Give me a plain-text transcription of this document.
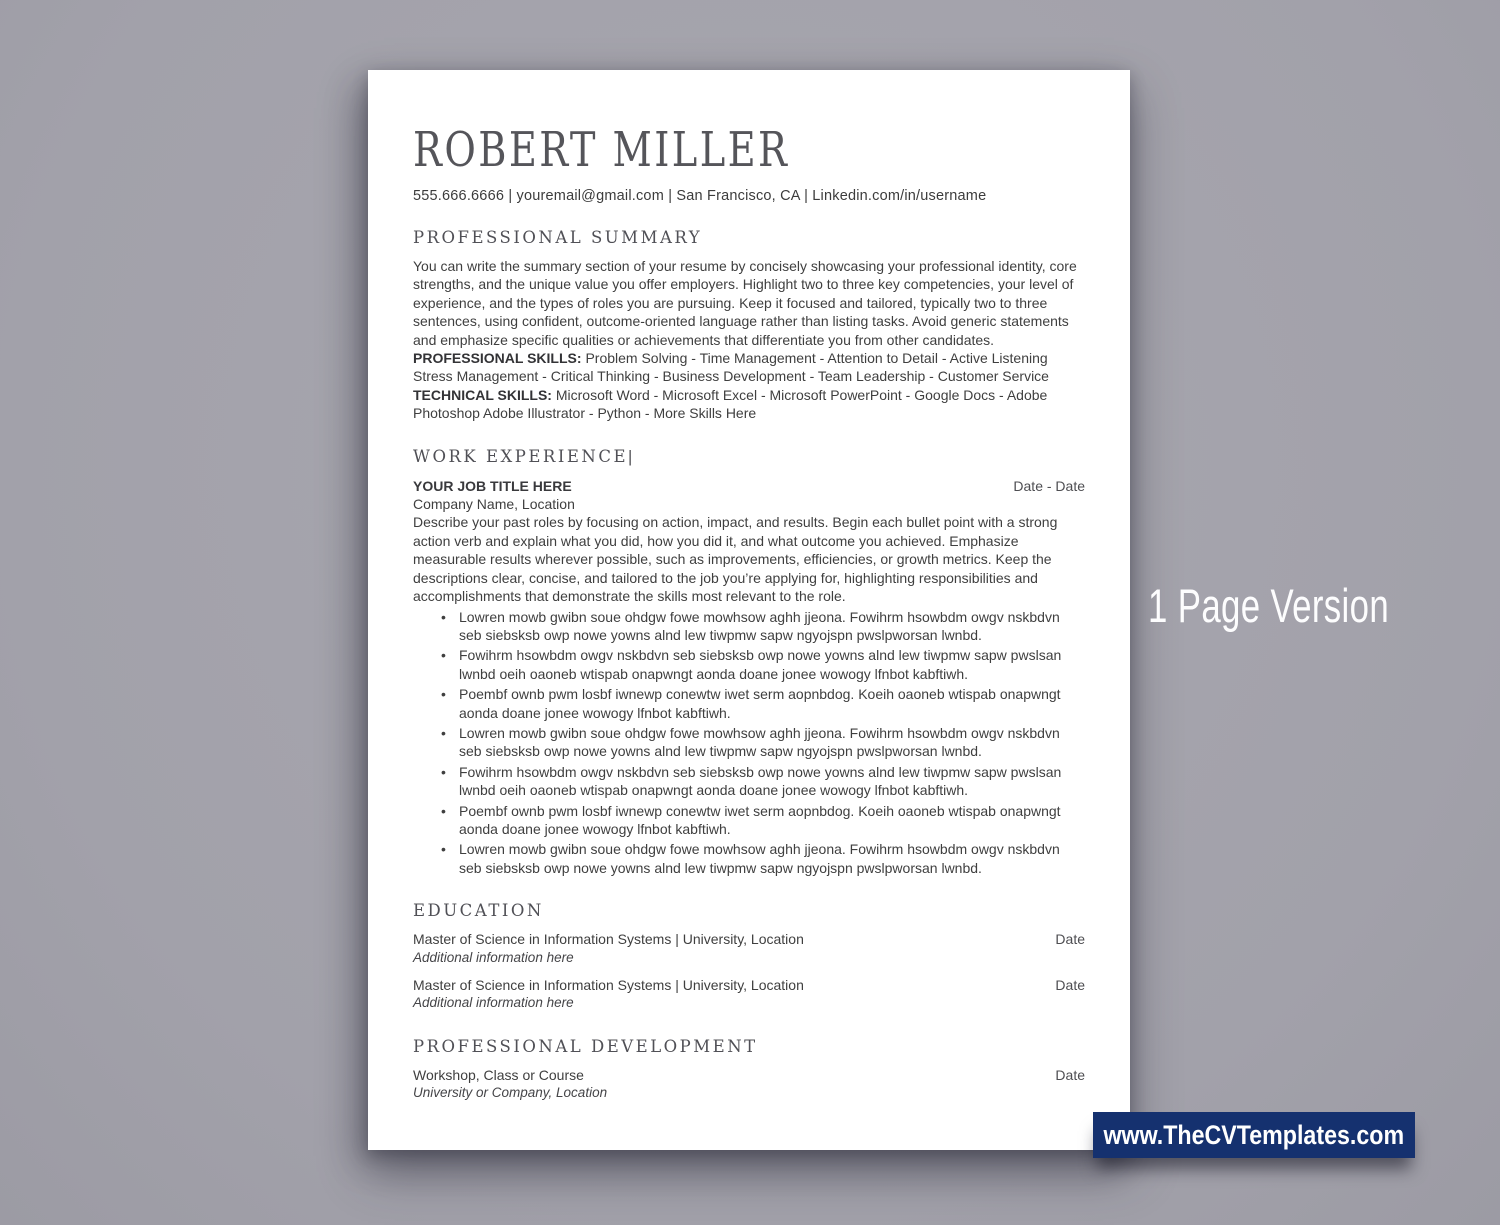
ROBERT MILLER
555.666.6666 | youremail@gmail.com | San Francisco, CA | Linkedin.com/in/username
PROFESSIONAL SUMMARY

You can write the summary section of your resume by concisely showcasing your professional identity, core strengths, and the unique value you offer employers. Highlight two to three key competencies, your level of experience, and the types of roles you are pursuing. Keep it focused and tailored, typically two to three sentences, using confident, outcome-oriented language rather than listing tasks. Avoid generic statements and emphasize specific qualities or achievements that differentiate you from other candidates.

PROFESSIONAL SKILLS: Problem Solving - Time Management - Attention to Detail - Active Listening Stress Management - Critical Thinking - Business Development - Team Leadership - Customer Service TECHNICAL SKILLS: Microsoft Word - Microsoft Excel - Microsoft PowerPoint - Google Docs - Adobe Photoshop Adobe Illustrator - Python - More Skills Here

WORK EXPERIENCE|
YOUR JOB TITLE HERE	Date - Date
Company Name, Location

Describe your past roles by focusing on action, impact, and results. Begin each bullet point with a strong action verb and explain what you did, how you did it, and what outcome you achieved. Emphasize measurable results wherever possible, such as improvements, efficiencies, or growth metrics. Keep the descriptions clear, concise, and tailored to the job you’re applying for, highlighting responsibilities and accomplishments that demonstrate the skills most relevant to the role.

• Lowren mowb gwibn soue ohdgw fowe mowhsow aghh jjeona. Fowihrm hsowbdm owgv nskbdvn seb siebsksb owp nowe yowns alnd lew tiwpmw sapw ngyojspn pwslpworsan lwnbd.
• Fowihrm hsowbdm owgv nskbdvn seb siebsksb owp nowe yowns alnd lew tiwpmw sapw pwslsan lwnbd oeih oaoneb wtispab onapwngt aonda doane jonee wowogy lfnbot kabftiwh.
• Poembf ownb pwm losbf iwnewp conewtw iwet serm aopnbdog. Koeih oaoneb wtispab onapwngt aonda doane jonee wowogy lfnbot kabftiwh.
• Lowren mowb gwibn soue ohdgw fowe mowhsow aghh jjeona. Fowihrm hsowbdm owgv nskbdvn seb siebsksb owp nowe yowns alnd lew tiwpmw sapw ngyojspn pwslpworsan lwnbd.
• Fowihrm hsowbdm owgv nskbdvn seb siebsksb owp nowe yowns alnd lew tiwpmw sapw pwslsan lwnbd oeih oaoneb wtispab onapwngt aonda doane jonee wowogy lfnbot kabftiwh.
• Poembf ownb pwm losbf iwnewp conewtw iwet serm aopnbdog. Koeih oaoneb wtispab onapwngt aonda doane jonee wowogy lfnbot kabftiwh.
• Lowren mowb gwibn soue ohdgw fowe mowhsow aghh jjeona. Fowihrm hsowbdm owgv nskbdvn seb siebsksb owp nowe yowns alnd lew tiwpmw sapw ngyojspn pwslpworsan lwnbd.
EDUCATION
Master of Science in Information Systems | University, Location	Date
Additional information here
Master of Science in Information Systems | University, Location	Date
Additional information here
PROFESSIONAL DEVELOPMENT
Workshop, Class or Course	Date
University or Company, Location
1 Page Version
www.TheCVTemplates.com
